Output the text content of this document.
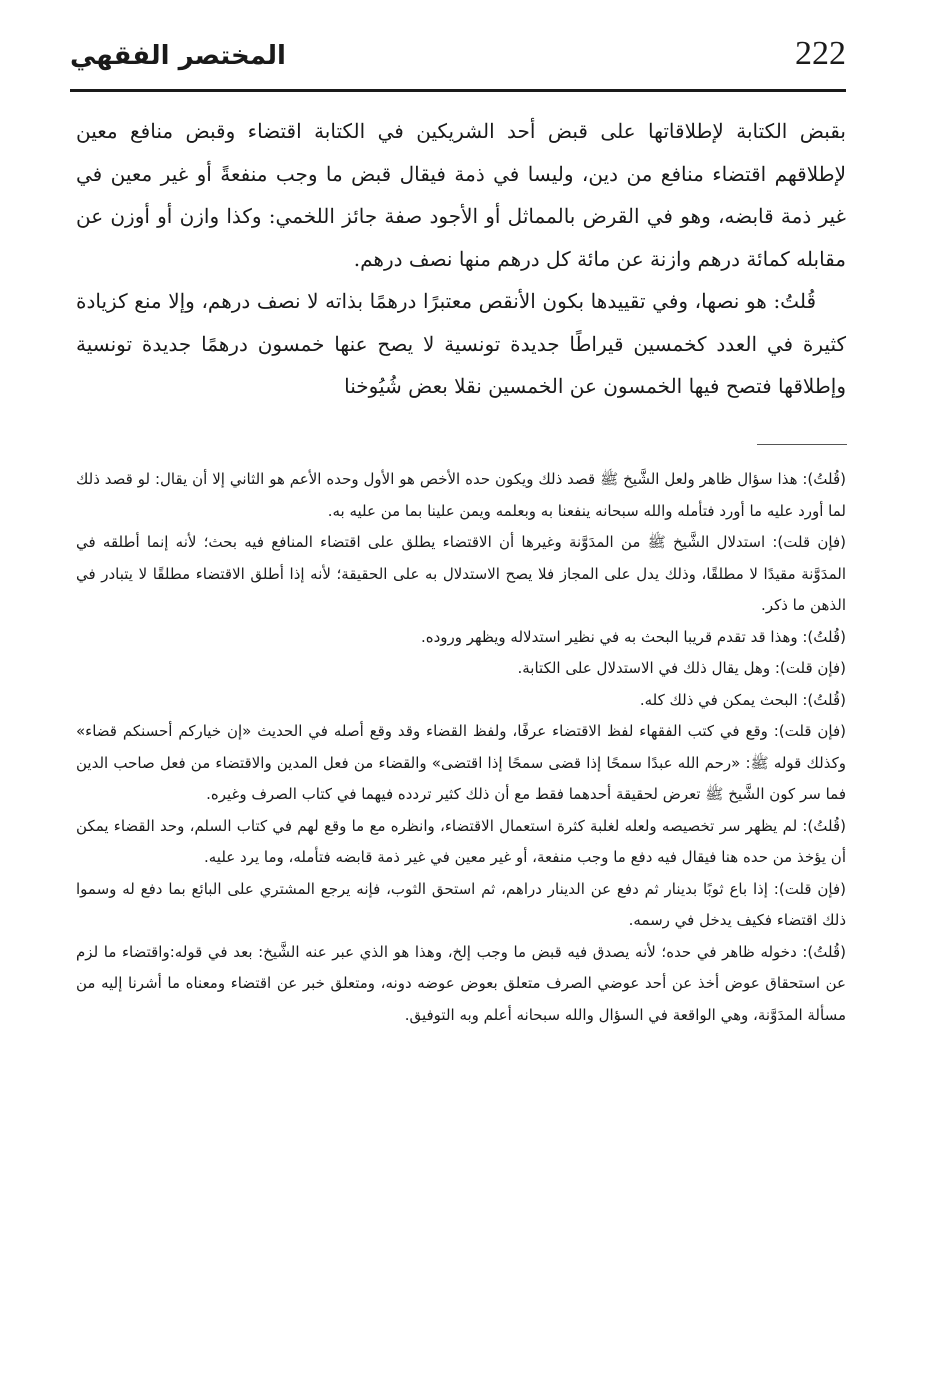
222
المختصر الفقهي

بقبض الكتابة لإطلاقاتها على قبض أحد الشريكين في الكتابة اقتضاء وقبض منافع معين لإطلاقهم اقتضاء منافع من دين، وليسا في ذمة فيقال قبض ما وجب منفعةً أو غير معين في غير ذمة قابضه، وهو في القرض بالمماثل أو الأجود صفة جائز اللخمي: وكذا وازن أو أوزن عن مقابله كمائة درهم وازنة عن مائة كل درهم منها نصف درهم.

قُلتُ: هو نصها، وفي تقييدها بكون الأنقص معتبرًا درهمًا بذاته لا نصف درهم، وإلا منع كزيادة كثيرة في العدد كخمسين قيراطًا جديدة تونسية لا يصح عنها خمسون درهمًا جديدة تونسية وإطلاقها فتصح فيها الخمسون عن الخمسين نقلا بعض شُيُوخنا

(قُلتُ): هذا سؤال ظاهر ولعل الشَّيخ ﷺ قصد ذلك ويكون حده الأخص هو الأول وحده الأعم هو الثاني إلا أن يقال: لو قصد ذلك لما أورد عليه ما أورد فتأمله والله سبحانه ينفعنا به وبعلمه ويمن علينا بما من عليه به.

(فإن قلت): استدلال الشَّيخ ﷺ من المدَوَّنة وغيرها أن الاقتضاء يطلق على اقتضاء المنافع فيه بحث؛ لأنه إنما أطلقه في المدَوَّنة مقيدًا لا مطلقًا، وذلك يدل على المجاز فلا يصح الاستدلال به على الحقيقة؛ لأنه إذا أطلق الاقتضاء مطلقًا لا يتبادر في الذهن ما ذكر.

(قُلتُ): وهذا قد تقدم قريبا البحث به في نظير استدلاله ويظهر وروده.

(فإن قلت): وهل يقال ذلك في الاستدلال على الكتابة.

(قُلتُ): البحث يمكن في ذلك كله.

(فإن قلت): وقع في كتب الفقهاء لفظ الاقتضاء عرفًا، ولفظ القضاء وقد وقع أصله في الحديث «إن خياركم أحسنكم قضاء» وكذلك قوله ﷺ: «رحم الله عبدًا سمحًا إذا قضى سمحًا إذا اقتضى» والقضاء من فعل المدين والاقتضاء من فعل صاحب الدين فما سر كون الشَّيخ ﷺ تعرض لحقيقة أحدهما فقط مع أن ذلك كثير تردده فيهما في كتاب الصرف وغيره.

(قُلتُ): لم يظهر سر تخصيصه ولعله لغلبة كثرة استعمال الاقتضاء، وانظره مع ما وقع لهم في كتاب السلم، وحد القضاء يمكن أن يؤخذ من حده هنا فيقال فيه دفع ما وجب منفعة، أو غير معين في غير ذمة قابضه فتأمله، وما يرد عليه.

(فإن قلت): إذا باع ثوبًا بدينار ثم دفع عن الدينار دراهم، ثم استحق الثوب، فإنه يرجع المشتري على البائع بما دفع له وسموا ذلك اقتضاء فكيف يدخل في رسمه.

(قُلتُ): دخوله ظاهر في حده؛ لأنه يصدق فيه قبض ما وجب إلخ، وهذا هو الذي عبر عنه الشَّيخ: بعد في قوله:واقتضاء ما لزم عن استحقاق عوض أخذ عن أحد عوضي الصرف متعلق بعوض عوضه دونه، ومتعلق خبر عن اقتضاء ومعناه ما أشرنا إليه من مسألة المدَوَّنة، وهي الواقعة في السؤال والله سبحانه أعلم وبه التوفيق.
